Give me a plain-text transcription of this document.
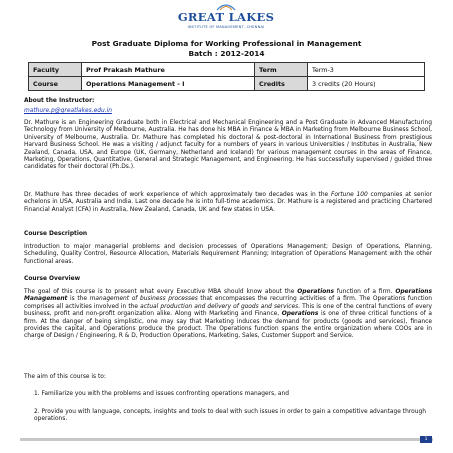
GREAT LAKES
INSTITUTE OF MANAGEMENT, CHENNAI
Post Graduate Diploma for Working Professional in Management
Batch : 2012-2014
Faculty	Prof Prakash Mathure	Term	Term-3
Course	Operations Management - I	Credits	3 credits (20 Hours)
About the Instructor:
mathure.p@greatlakes.edu.in
Dr. Mathure is an Engineering Graduate both in Electrical and Mechanical Engineering and a Post Graduate in Advanced Manufacturing Technology from University of Melbourne, Australia. He has done his MBA in Finance & MBA in Marketing from Melbourne Business School, University of Melbourne, Australia. Dr. Mathure has completed his doctoral & post-doctoral in International Business from prestigious Harvard Business School. He was a visiting / adjunct faculty for a numbers of years in various Universities / Institutes in Australia, New Zealand, Canada, USA, and Europe (UK, Germany, Netherland and Iceland) for various management courses in the areas of Finance, Marketing, Operations, Quantitative, General and Strategic Management, and Engineering. He has successfully supervised / guided three candidates for their doctoral (Ph.Ds.).
Dr. Mathure has three decades of work experience of which approximately two decades was in the Fortune 100 companies at senior echelons in USA, Australia and India. Last one decade he is into full-time academics. Dr. Mathure is a registered and practicing Chartered Financial Analyst (CFA) in Australia, New Zealand, Canada, UK and few states in USA.
Course Description
Introduction to major managerial problems and decision processes of Operations Management; Design of Operations, Planning, Scheduling, Quality Control, Resource Allocation, Materials Requirement Planning; Integration of Operations Management with the other functional areas.
Course Overview
The goal of this course is to present what every Executive MBA should know about the Operations function of a firm. Operations Management is the management of business processes that encompasses the recurring activities of a firm. The Operations function comprises all activities involved in the actual production and delivery of goods and services. This is one of the central functions of every business, profit and non-profit organization alike. Along with Marketing and Finance, Operations is one of three critical functions of a firm. At the danger of being simplistic, one may say that Marketing induces the demand for products (goods and services), finance provides the capital, and Operations produce the product. The Operations function spans the entire organization where COOs are in charge of Design / Engineering, R & D, Production Operations, Marketing, Sales, Customer Support and Service.
The aim of this course is to:
1. Familiarize you with the problems and issues confronting operations managers, and
2. Provide you with language, concepts, insights and tools to deal with such issues in order to gain a competitive advantage through operations.
1
